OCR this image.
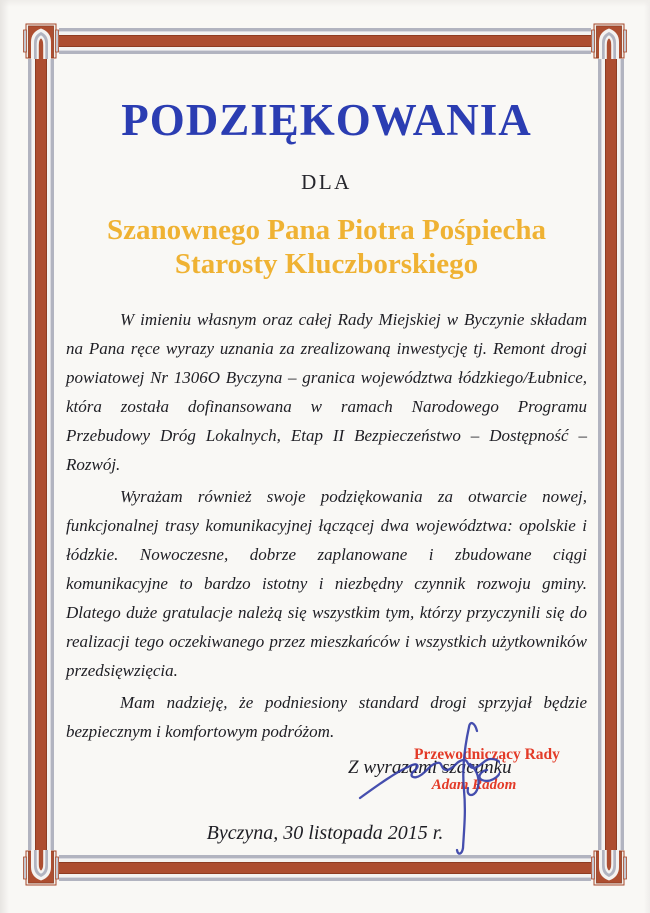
PODZIĘKOWANIA
DLA
Szanownego Pana Piotra Pośpiecha
Starosty Kluczborskiego

W imieniu własnym oraz całej Rady Miejskiej w Byczynie składam na Pana ręce wyrazy uznania za zrealizowaną inwestycję tj. Remont drogi powiatowej Nr 1306O Byczyna – granica województwa łódzkiego/Łubnice, która została dofinansowana w ramach Narodowego Programu Przebudowy Dróg Lokalnych, Etap II Bezpieczeństwo – Dostępność – Rozwój.

Wyrażam również swoje podziękowania za otwarcie nowej, funkcjonalnej trasy komunikacyjnej łączącej dwa województwa: opolskie i łódzkie. Nowoczesne, dobrze zaplanowane i zbudowane ciągi komunikacyjne to bardzo istotny i niezbędny czynnik rozwoju gminy. Dlatego duże gratulacje należą się wszystkim tym, którzy przyczynili się do realizacji tego oczekiwanego przez mieszkańców i wszystkich użytkowników przedsięwzięcia.

Mam nadzieję, że podniesiony standard drogi sprzyjał będzie bezpiecznym i komfortowym podróżom.

Z wyrazami szacunku
Przewodniczący Rady
Adam Radom
Byczyna, 30 listopada 2015 r.
